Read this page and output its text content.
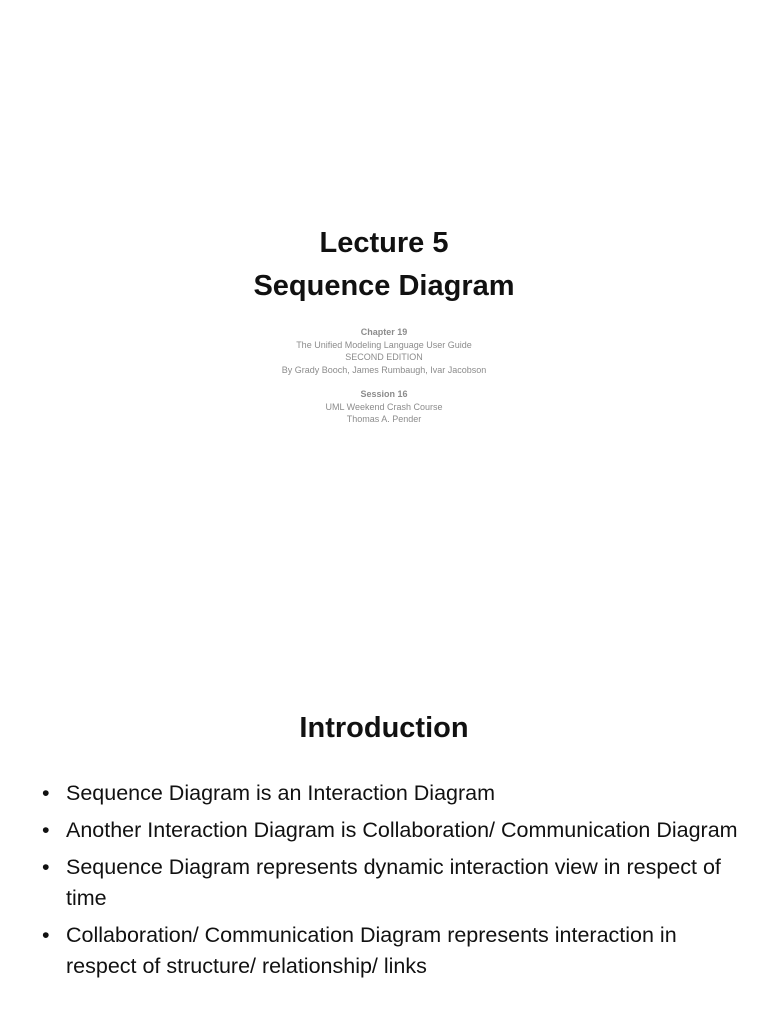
Lecture 5
Sequence Diagram
Chapter 19
The Unified Modeling Language User Guide
SECOND EDITION
By Grady Booch, James Rumbaugh, Ivar Jacobson
Session 16
UML Weekend Crash Course
Thomas A. Pender
Introduction
• Sequence Diagram is an Interaction Diagram
• Another Interaction Diagram is Collaboration/ Communication Diagram
• Sequence Diagram represents dynamic interaction view in respect of time
• Collaboration/ Communication Diagram represents interaction in respect of structure/ relationship/ links
